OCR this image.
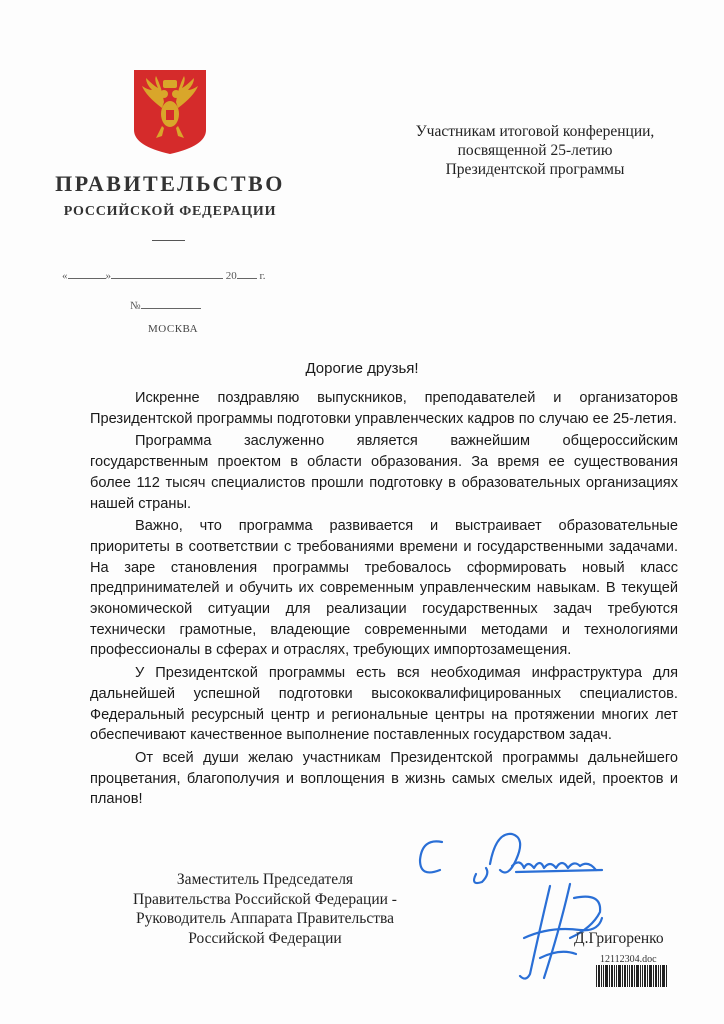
ПРАВИТЕЛЬСТВО
РОССИЙСКОЙ ФЕДЕРАЦИИ
«	»	20 г.
№
МОСКВА
Участникам итоговой конференции,
посвященной 25-летию
Президентской программы
Дорогие друзья!

Искренне поздравляю выпускников, преподавателей и организаторов Президентской программы подготовки управленческих кадров по случаю ее 25-летия.

Программа заслуженно является важнейшим общероссийским государственным проектом в области образования. За время ее существования более 112 тысяч специалистов прошли подготовку в образовательных организациях нашей страны.

Важно, что программа развивается и выстраивает образовательные приоритеты в соответствии с требованиями времени и государственными задачами. На заре становления программы требовалось сформировать новый класс предпринимателей и обучить их современным управленческим навыкам. В текущей экономической ситуации для реализации государственных задач требуются технически грамотные, владеющие современными методами и технологиями профессионалы в сферах и отраслях, требующих импортозамещения.

У Президентской программы есть вся необходимая инфраструктура для дальнейшей успешной подготовки высококвалифицированных специалистов. Федеральный ресурсный центр и региональные центры на протяжении многих лет обеспечивают качественное выполнение поставленных государством задач.

От всей души желаю участникам Президентской программы дальнейшего процветания, благополучия и воплощения в жизнь самых смелых идей, проектов и планов!

Заместитель Председателя
Правительства Российской Федерации -
Руководитель Аппарата Правительства
Российской Федерации	Д.Григоренко
12112304.doc
